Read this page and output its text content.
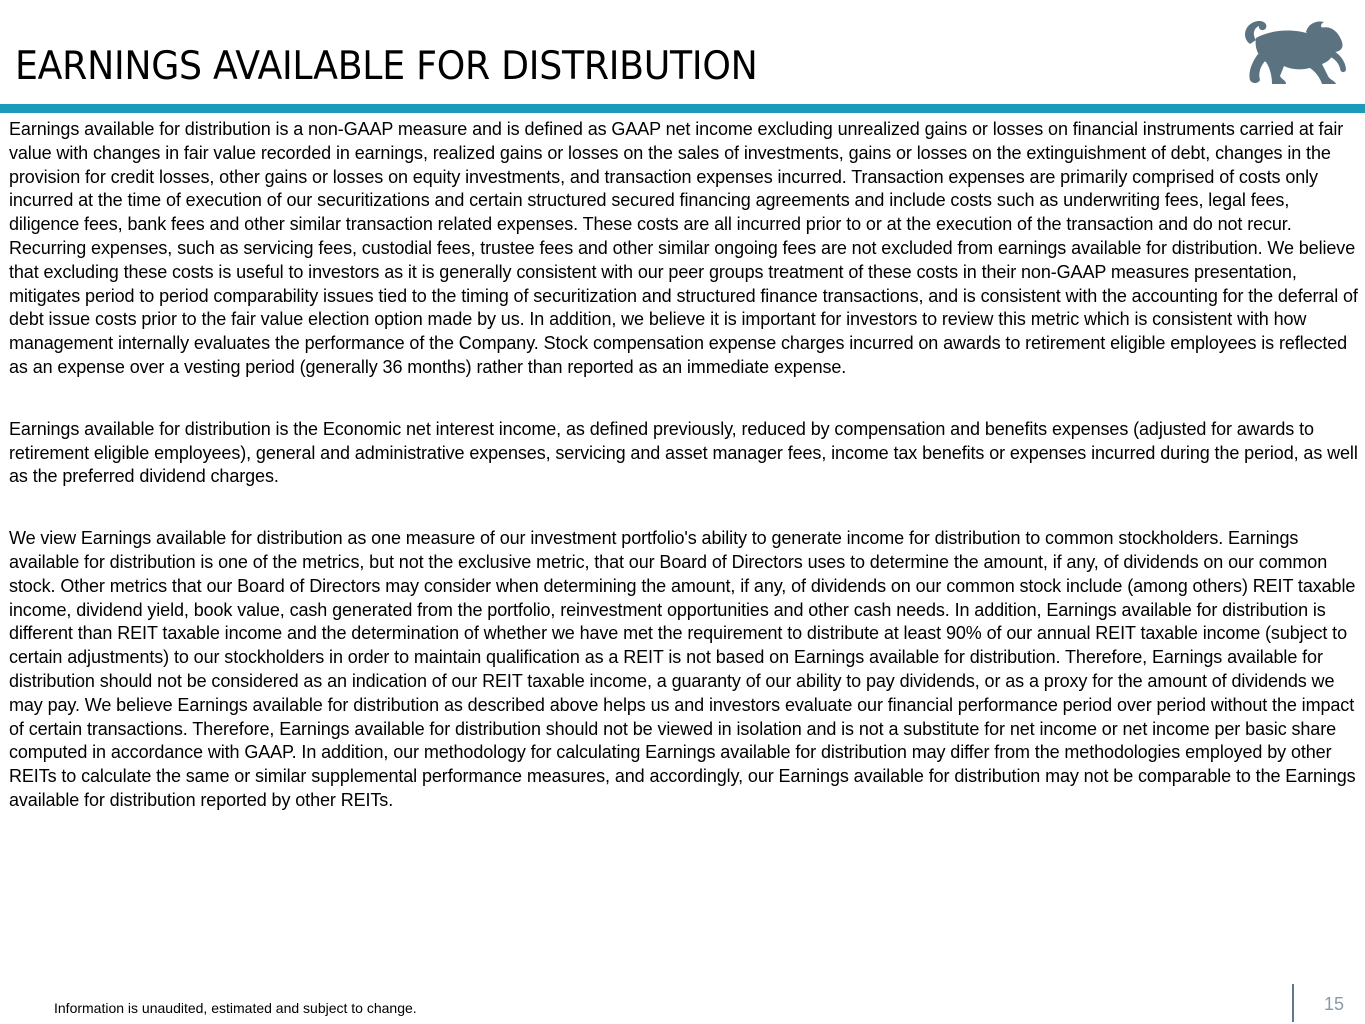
EARNINGS AVAILABLE FOR DISTRIBUTION

Earnings available for distribution is a non-GAAP measure and is defined as GAAP net income excluding unrealized gains or losses on financial instruments carried at fair value with changes in fair value recorded in earnings, realized gains or losses on the sales of investments, gains or losses on the extinguishment of debt, changes in the provision for credit losses, other gains or losses on equity investments, and transaction expenses incurred. Transaction expenses are primarily comprised of costs only incurred at the time of execution of our securitizations and certain structured secured financing agreements and include costs such as underwriting fees, legal fees, diligence fees, bank fees and other similar transaction related expenses. These costs are all incurred prior to or at the execution of the transaction and do not recur. Recurring expenses, such as servicing fees, custodial fees, trustee fees and other similar ongoing fees are not excluded from earnings available for distribution. We believe that excluding these costs is useful to investors as it is generally consistent with our peer groups treatment of these costs in their non-GAAP measures presentation, mitigates period to period comparability issues tied to the timing of securitization and structured finance transactions, and is consistent with the accounting for the deferral of debt issue costs prior to the fair value election option made by us. In addition, we believe it is important for investors to review this metric which is consistent with how management internally evaluates the performance of the Company. Stock compensation expense charges incurred on awards to retirement eligible employees is reflected as an expense over a vesting period (generally 36 months) rather than reported as an immediate expense.

Earnings available for distribution is the Economic net interest income, as defined previously, reduced by compensation and benefits expenses (adjusted for awards to retirement eligible employees), general and administrative expenses, servicing and asset manager fees, income tax benefits or expenses incurred during the period, as well as the preferred dividend charges.

We view Earnings available for distribution as one measure of our investment portfolio's ability to generate income for distribution to common stockholders. Earnings available for distribution is one of the metrics, but not the exclusive metric, that our Board of Directors uses to determine the amount, if any, of dividends on our common stock. Other metrics that our Board of Directors may consider when determining the amount, if any, of dividends on our common stock include (among others) REIT taxable income, dividend yield, book value, cash generated from the portfolio, reinvestment opportunities and other cash needs. In addition, Earnings available for distribution is different than REIT taxable income and the determination of whether we have met the requirement to distribute at least 90% of our annual REIT taxable income (subject to certain adjustments) to our stockholders in order to maintain qualification as a REIT is not based on Earnings available for distribution. Therefore, Earnings available for distribution should not be considered as an indication of our REIT taxable income, a guaranty of our ability to pay dividends, or as a proxy for the amount of dividends we may pay. We believe Earnings available for distribution as described above helps us and investors evaluate our financial performance period over period without the impact of certain transactions. Therefore, Earnings available for distribution should not be viewed in isolation and is not a substitute for net income or net income per basic share computed in accordance with GAAP. In addition, our methodology for calculating Earnings available for distribution may differ from the methodologies employed by other REITs to calculate the same or similar supplemental performance measures, and accordingly, our Earnings available for distribution may not be comparable to the Earnings available for distribution reported by other REITs.

Information is unaudited, estimated and subject to change.	15
